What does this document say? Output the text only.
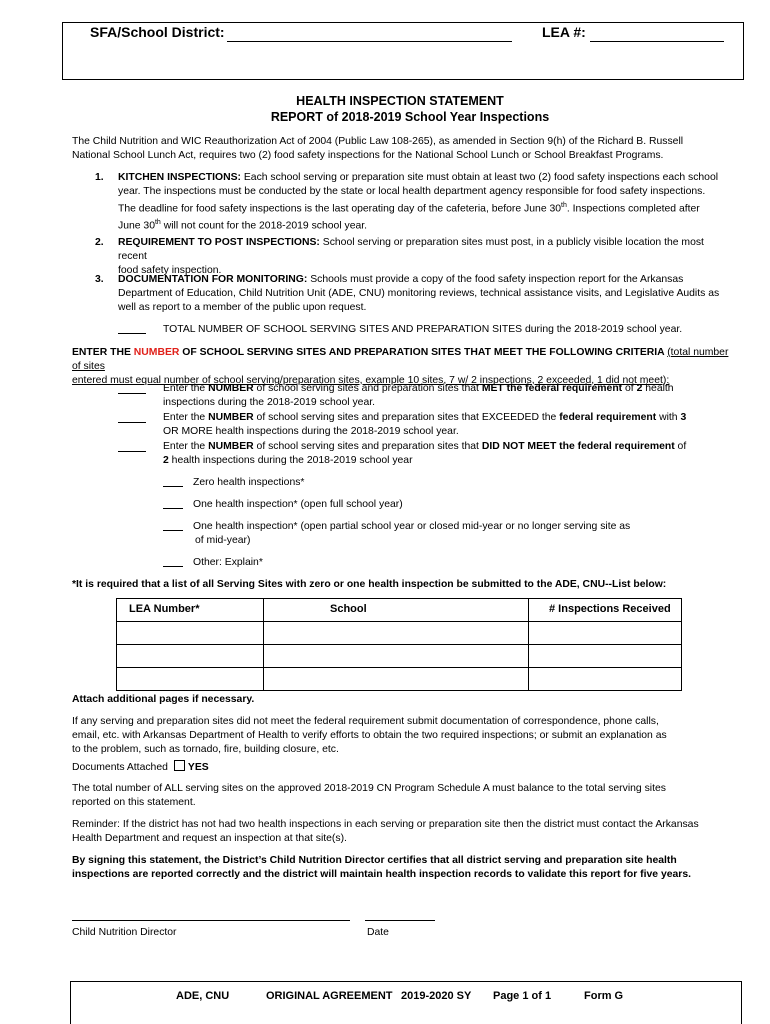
SFA/School District:	LEA #:
HEALTH INSPECTION STATEMENT
REPORT of 2018-2019 School Year Inspections
The Child Nutrition and WIC Reauthorization Act of 2004 (Public Law 108-265), as amended in Section 9(h) of the Richard B. Russell National School Lunch Act, requires two (2) food safety inspections for the National School Lunch or School Breakfast Programs.
1. KITCHEN INSPECTIONS: Each school serving or preparation site must obtain at least two (2) food safety inspections each school
year. The inspections must be conducted by the state or local health department agency responsible for food safety inspections.
The deadline for food safety inspections is the last operating day of the cafeteria, before June 30th. Inspections completed after
June 30th will not count for the 2018-2019 school year.
2. REQUIREMENT TO POST INSPECTIONS: School serving or preparation sites must post, in a publicly visible location the most recent
food safety inspection.
3. DOCUMENTATION FOR MONITORING: Schools must provide a copy of the food safety inspection report for the Arkansas
Department of Education, Child Nutrition Unit (ADE, CNU) monitoring reviews, technical assistance visits, and Legislative Audits as
well as report to a member of the public upon request.
TOTAL NUMBER OF SCHOOL SERVING SITES AND PREPARATION SITES during the 2018-2019 school year.
ENTER THE NUMBER OF SCHOOL SERVING SITES AND PREPARATION SITES THAT MEET THE FOLLOWING CRITERIA (total number of sites
entered must equal number of school serving/preparation sites, example 10 sites, 7 w/ 2 inspections, 2 exceeded, 1 did not meet):
Enter the NUMBER of school serving sites and preparation sites that MET the federal requirement of 2 health
inspections during the 2018-2019 school year.
Enter the NUMBER of school serving sites and preparation sites that EXCEEDED the federal requirement with 3
OR MORE health inspections during the 2018-2019 school year.
Enter the NUMBER of school serving sites and preparation sites that DID NOT MEET the federal requirement of
2 health inspections during the 2018-2019 school year
Zero health inspections*
One health inspection* (open full school year)
One health inspection* (open partial school year or closed mid-year or no longer serving site as
of mid-year)
Other: Explain*
*It is required that a list of all Serving Sites with zero or one health inspection be submitted to the ADE, CNU--List below:
LEA Number*	School	# Inspections Received

Attach additional pages if necessary.
If any serving and preparation sites did not meet the federal requirement submit documentation of correspondence, phone calls,
email, etc. with Arkansas Department of Health to verify efforts to obtain the two required inspections; or submit an explanation as
to the problem, such as tornado, fire, building closure, etc.
Documents Attached YES
The total number of ALL serving sites on the approved 2018-2019 CN Program Schedule A must balance to the total serving sites
reported on this statement.
Reminder: If the district has not had two health inspections in each serving or preparation site then the district must contact the Arkansas
Health Department and request an inspection at that site(s).
By signing this statement, the District’s Child Nutrition Director certifies that all district serving and preparation site health
inspections are reported correctly and the district will maintain health inspection records to validate this report for five years.
Child Nutrition Director	Date
ADE, CNU	ORIGINAL AGREEMENT 2019-2020 SY Page 1 of 1	Form G
